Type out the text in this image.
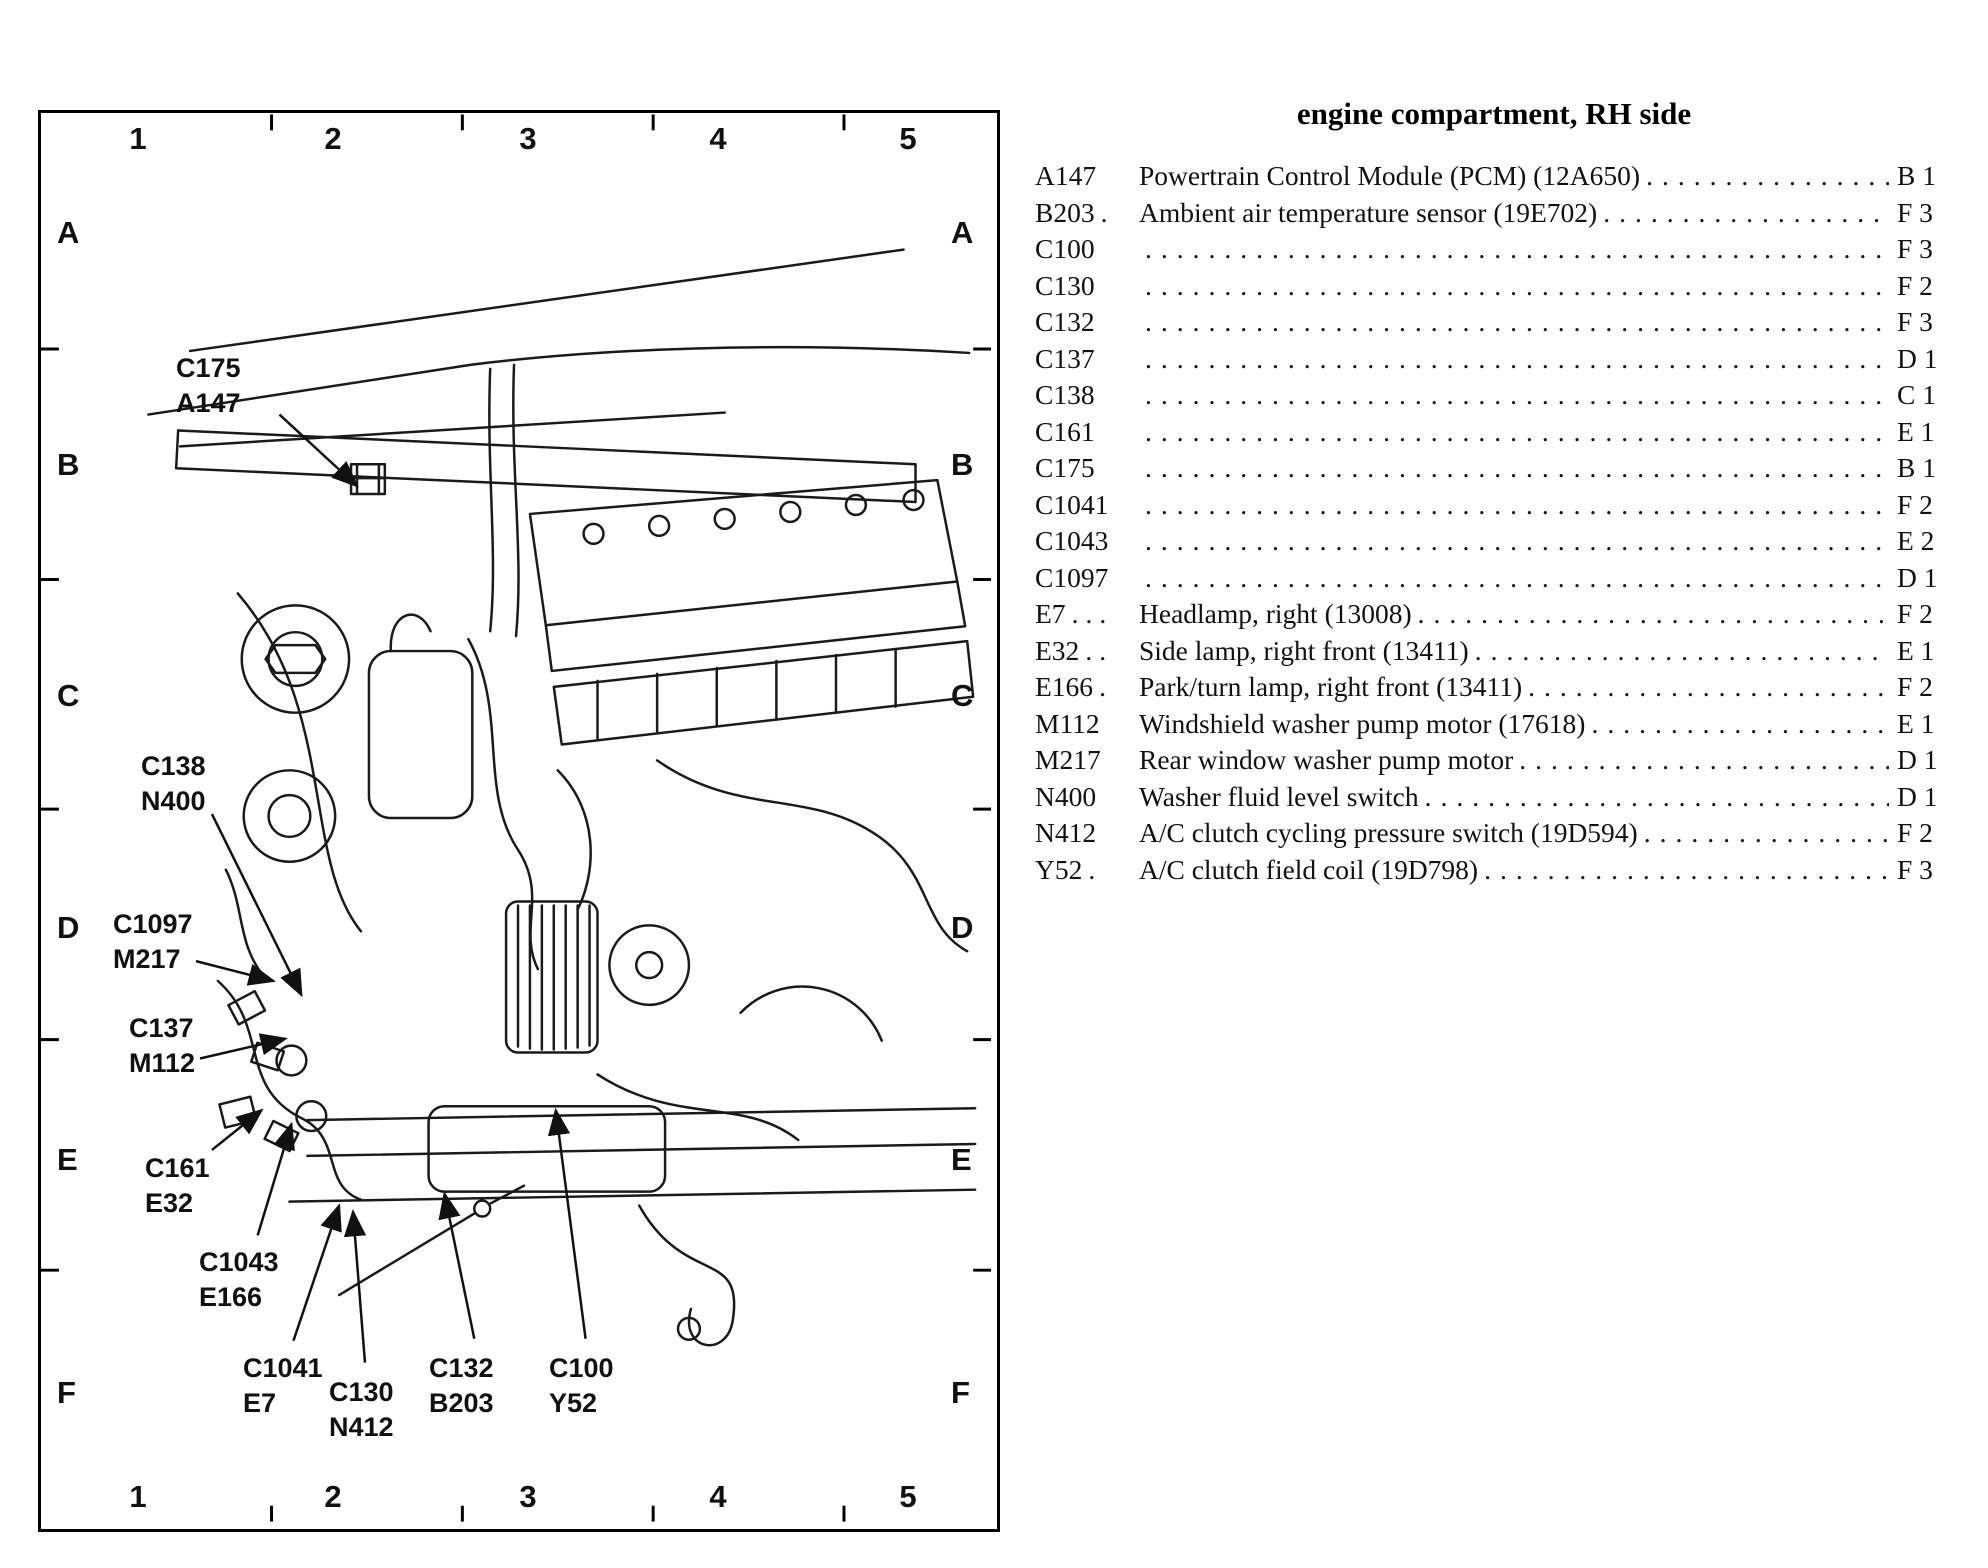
1
1
2
2
3
3
4
4
5
5
A	A
B	B
C	C
D	D
E	E
F	F
C175
A147
C138
N400
C1097
M217
C137
M112
C161
E32
C1043
E166
C1041
E7	C130
N412
C132
B203
C100
Y52
engine compartment, RH side
A147	Powertrain Control Module (PCM) (12A650) .....	B 1
B203 . Ambient air temperature sensor (19E702) .....	F 3
C100 .....	F 3
C130 .....	F 2
C132 .....	F 3
C137 .....	D 1
C138 .....	C 1
C161 .....	E 1
C175 .....	B 1
C1041 .....	F 2
C1043 .....	E 2
C1097 .....	D 1
E7 ... Headlamp, right (13008) .....	F 2
E32 .. Side lamp, right front (13411) .....	E 1
E166 . Park/turn lamp, right front (13411) .....	F 2
M112	Windshield washer pump motor (17618) .....	E 1
M217	Rear window washer pump motor .....	D 1
N400	Washer fluid level switch .....	D 1
N412	A/C clutch cycling pressure switch (19D594) .....	F 2
Y52 .	A/C clutch field coil (19D798) .....	F 3
